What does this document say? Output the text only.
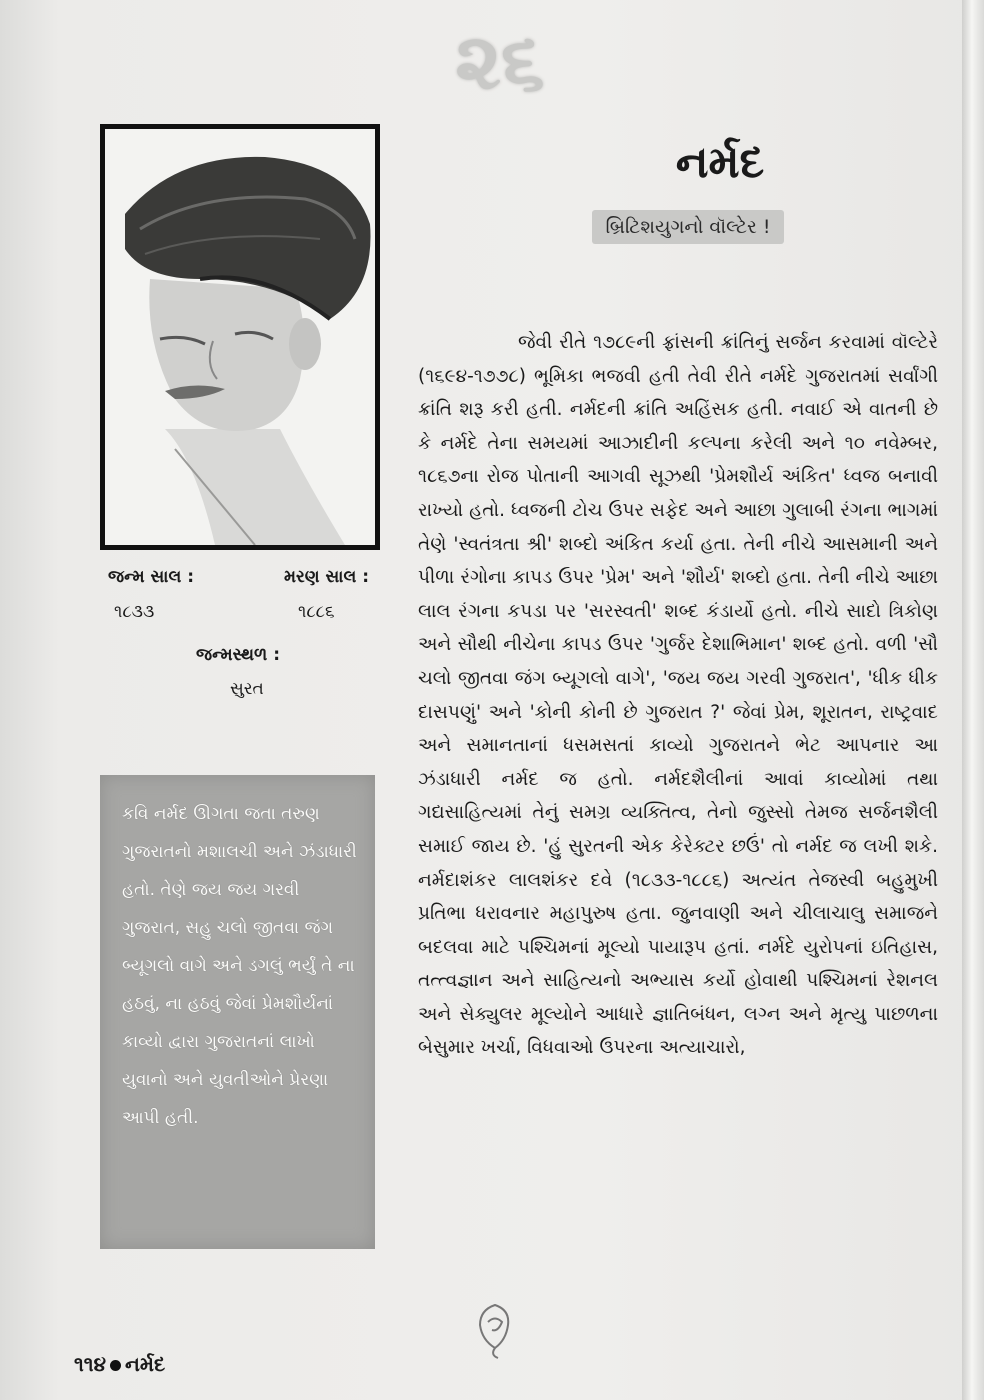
૨૬
નર્મદ
બ્રિટિશયુગનો વૉલ્ટેર !
જન્મ સાલ :
૧૮૩૩
મરણ સાલ :
૧૮૮૬
જન્મસ્થળ :
સુરત

કવિ નર્મદ ઊગતા જતા તરુણ ગુજરાતનો મશાલચી અને ઝંડાધારી હતો. તેણે જય જય ગરવી ગુજરાત, સહુ ચલો જીતવા જંગ બ્યૂગલો વાગે અને ડગલું ભર્યું તે ના હઠવું, ના હઠવું જેવાં પ્રેમશૌર્યનાં કાવ્યો દ્વારા ગુજરાતનાં લાખો યુવાનો અને યુવતીઓને પ્રેરણા આપી હતી.

જેવી રીતે ૧૭૮૯ની ફ્રાંસની ક્રાંતિનું સર્જન કરવામાં વૉલ્ટેરે (૧૬૯૪-૧૭૭૮) ભૂમિકા ભજવી હતી તેવી રીતે નર્મદે ગુજરાતમાં સર્વાંગી ક્રાંતિ શરૂ કરી હતી. નર્મદની ક્રાંતિ અહિંસક હતી. નવાઈ એ વાતની છે કે નર્મદે તેના સમયમાં આઝાદીની કલ્પના કરેલી અને ૧૦ નવેમ્બર, ૧૮૬૭ના રોજ પોતાની આગવી સૂઝથી 'પ્રેમશૌર્ય અંકિત' ધ્વજ બનાવી રાખ્યો હતો. ધ્વજની ટોચ ઉપર સફેદ અને આછા ગુલાબી રંગના ભાગમાં તેણે 'સ્વતંત્રતા શ્રી' શબ્દો અંકિત કર્યા હતા. તેની નીચે આસમાની અને પીળા રંગોના કાપડ ઉપર 'પ્રેમ' અને 'શૌર્ય' શબ્દો હતા. તેની નીચે આછા લાલ રંગના કપડા પર 'સરસ્વતી' શબ્દ કંડાર્યો હતો. નીચે સાદો ત્રિકોણ અને સૌથી નીચેના કાપડ ઉપર 'ગુર્જર દેશાભિમાન' શબ્દ હતો. વળી 'સૌ ચલો જીતવા જંગ બ્યૂગલો વાગે', 'જય જય ગરવી ગુજરાત', 'ધીક ધીક દાસપણું' અને 'કોની કોની છે ગુજરાત ?' જેવાં પ્રેમ, શૂરાતન, રાષ્ટ્રવાદ અને સમાનતાનાં ધસમસતાં કાવ્યો ગુજરાતને ભેટ આપનાર આ ઝંડાધારી નર્મદ જ હતો. નર્મદશૈલીનાં આવાં કાવ્યોમાં તથા ગદ્યસાહિત્યમાં તેનું સમગ્ર વ્યક્તિત્વ, તેનો જુસ્સો તેમજ સર્જનશૈલી સમાઈ જાય છે. 'હું સુરતની એક કેરેક્ટર છઉં' તો નર્મદ જ લખી શકે. નર્મદાશંકર લાલશંકર દવે (૧૮૩૩-૧૮૮૬) અત્યંત તેજસ્વી બહુમુખી પ્રતિભા ધરાવનાર મહાપુરુષ હતા. જુનવાણી અને ચીલાચાલુ સમાજને બદલવા માટે પશ્ચિમનાં મૂલ્યો પાયારૂપ હતાં. નર્મદે યુરોપનાં ઇતિહાસ, તત્ત્વજ્ઞાન અને સાહિત્યનો અભ્યાસ કર્યો હોવાથી પશ્ચિમનાં રેશનલ અને સેક્યુલર મૂલ્યોને આધારે જ્ઞાતિબંધન, લગ્ન અને મૃત્યુ પાછળના બેસુમાર ખર્ચા, વિધવાઓ ઉપરના અત્યાચારો,

૧૧૪ નર્મદ
